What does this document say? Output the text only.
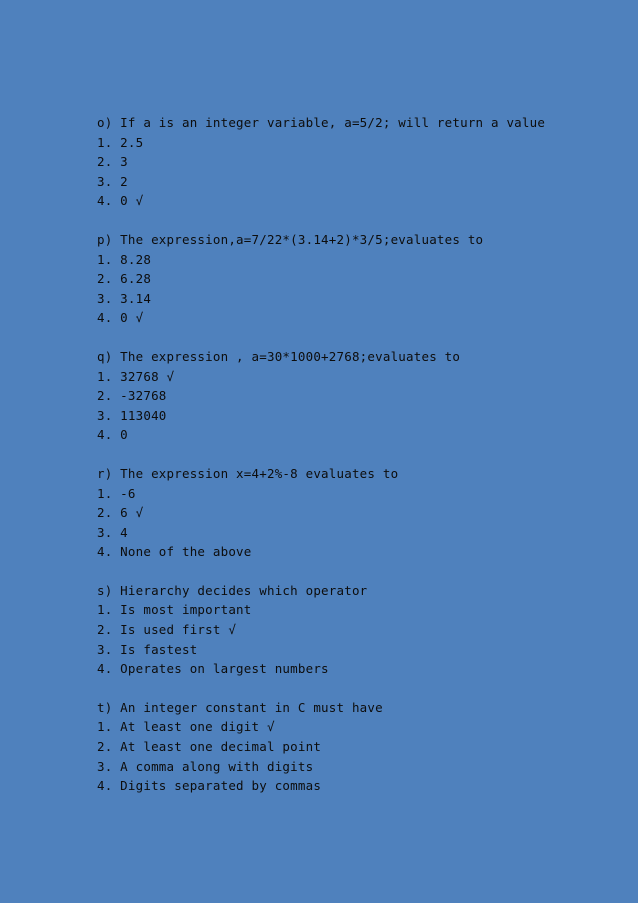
o) If a is an integer variable, a=5/2; will return a value
1. 2.5
2. 3
3. 2
4. 0 √
p) The expression,a=7/22*(3.14+2)*3/5;evaluates to
1. 8.28
2. 6.28
3. 3.14
4. 0 √
q) The expression , a=30*1000+2768;evaluates to
1. 32768 √
2. -32768
3. 113040
4. 0
r) The expression x=4+2%-8 evaluates to
1. -6
2. 6 √
3. 4
4. None of the above
s) Hierarchy decides which operator
1. Is most important
2. Is used first √
3. Is fastest
4. Operates on largest numbers
t) An integer constant in C must have
1. At least one digit √
2. At least one decimal point
3. A comma along with digits
4. Digits separated by commas
